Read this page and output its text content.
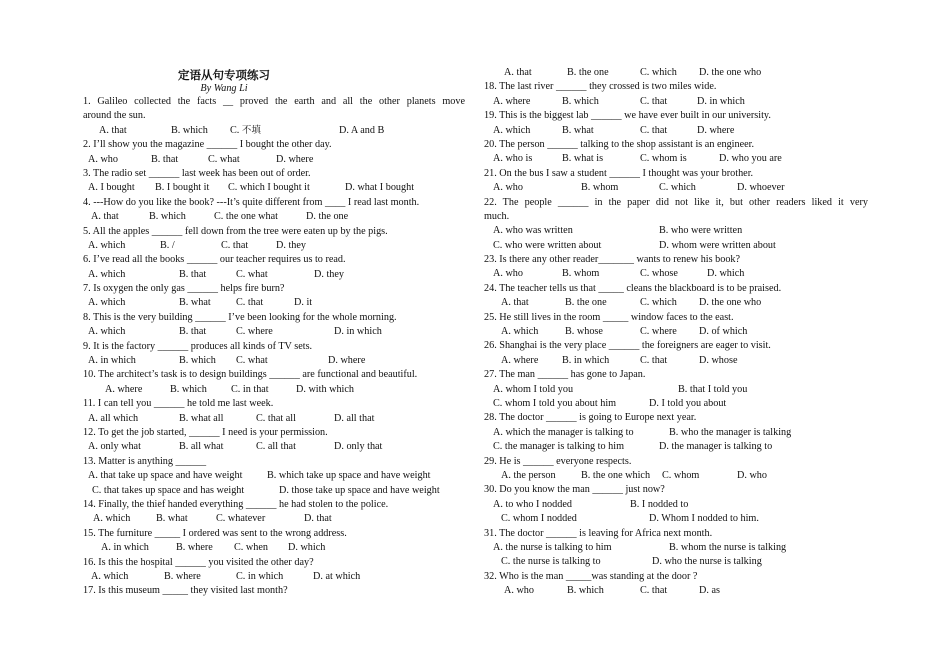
定语从句专项练习
By Wang Li
1. Galileo collected the facts __ proved the earth and all the other planets move
around the sun.
A. that	B. which C. 不填	D. A and B
2. I’ll show you the magazine ______ I bought the other day.
A. who	B. that	C. what	D. where
3. The radio set ______ last week has been out of order.
A. I bought B. I bought it C. which I bought it	D. what I bought
4. ---How do you like the book? ---It’s quite different from ____ I read last month.
A. that	B. which	C. the one what	D. the one
5. All the apples ______ fell down from the tree were eaten up by the pigs.
A. which	B. /	C. that	D. they
6. I’ve read all the books ______ our teacher requires us to read.
A. which	B. that	C. what	D. they
7. Is oxygen the only gas ______ helps fire burn?
A. which	B. what C. that	D. it
8. This is the very building ______ I’ve been looking for the whole morning.
A. which	B. that	C. where	D. in which
9. It is the factory ______ produces all kinds of TV sets.
A. in which	B. which C. what	D. where
10. The architect’s task is to design buildings ______ are functional and beautiful.
A. where	B. which C. in that	D. with which
11. I can tell you ______ he told me last week.
A. all which	B. what all	C. that all	D. all that
12. To get the job started, ______ I need is your permission.
A. only what	B. all what	C. all that	D. only that
13. Matter is anything ______
A. that take up space and have weight B. which take up space and have weight
C. that takes up space and has weight	D. those take up space and have weight
14. Finally, the thief handed everything ______ he had stolen to the police.
A. which	B. what	C. whatever	D. that
15. The furniture _____ I ordered was sent to the wrong address.
A. in which	B. where C. when D. which
16. Is this the hospital ______ you visited the other day?
A. which	B. where	C. in which	D. at which
17. Is this museum _____ they visited last month?
A. that	B. the one	C. which D. the one who
18. The last river ______ they crossed is two miles wide.
A. where	B. which	C. that	D. in which
19. This is the biggest lab ______ we have ever built in our university.
A. which	B. what	C. that	D. where
20. The person ______ talking to the shop assistant is an engineer.
A. who is	B. what is	C. whom is	D. who you are
21. On the bus I saw a student ______ I thought was your brother.
A. who	B. whom	C. which	D. whoever
22. The people ______ in the paper did not like it, but other readers liked it very
much.
A. who was written	B. who were written
C. who were written about	D. whom were written about
23. Is there any other reader_______ wants to renew his book?
A. who	B. whom	C. whose	D. which
24. The teacher tells us that _____ cleans the blackboard is to be praised.
A. that	B. the one	C. which D. the one who
25. He still lives in the room _____ window faces to the east.
A. which	B. whose	C. where D. of which
26. Shanghai is the very place ______ the foreigners are eager to visit.
A. where B. in which	C. that	D. whose
27. The man ______ has gone to Japan.
A. whom I told you	B. that I told you
C. whom I told you about him	D. I told you about
28. The doctor ______ is going to Europe next year.
A. which the manager is talking to	B. who the manager is talking
C. the manager is talking to him	D. the manager is talking to
29. He is ______ everyone respects.
A. the person B. the one which C. whom	D. who
30. Do you know the man ______ just now?
A. to who I nodded	B. I nodded to
C. whom I nodded	D. Whom I nodded to him.
31. The doctor ______ is leaving for Africa next month.
A. the nurse is talking to him	B. whom the nurse is talking
C. the nurse is talking to	D. who the nurse is talking
32. Who is the man _____was standing at the door ?
A. who	B. which	C. that	D. as
